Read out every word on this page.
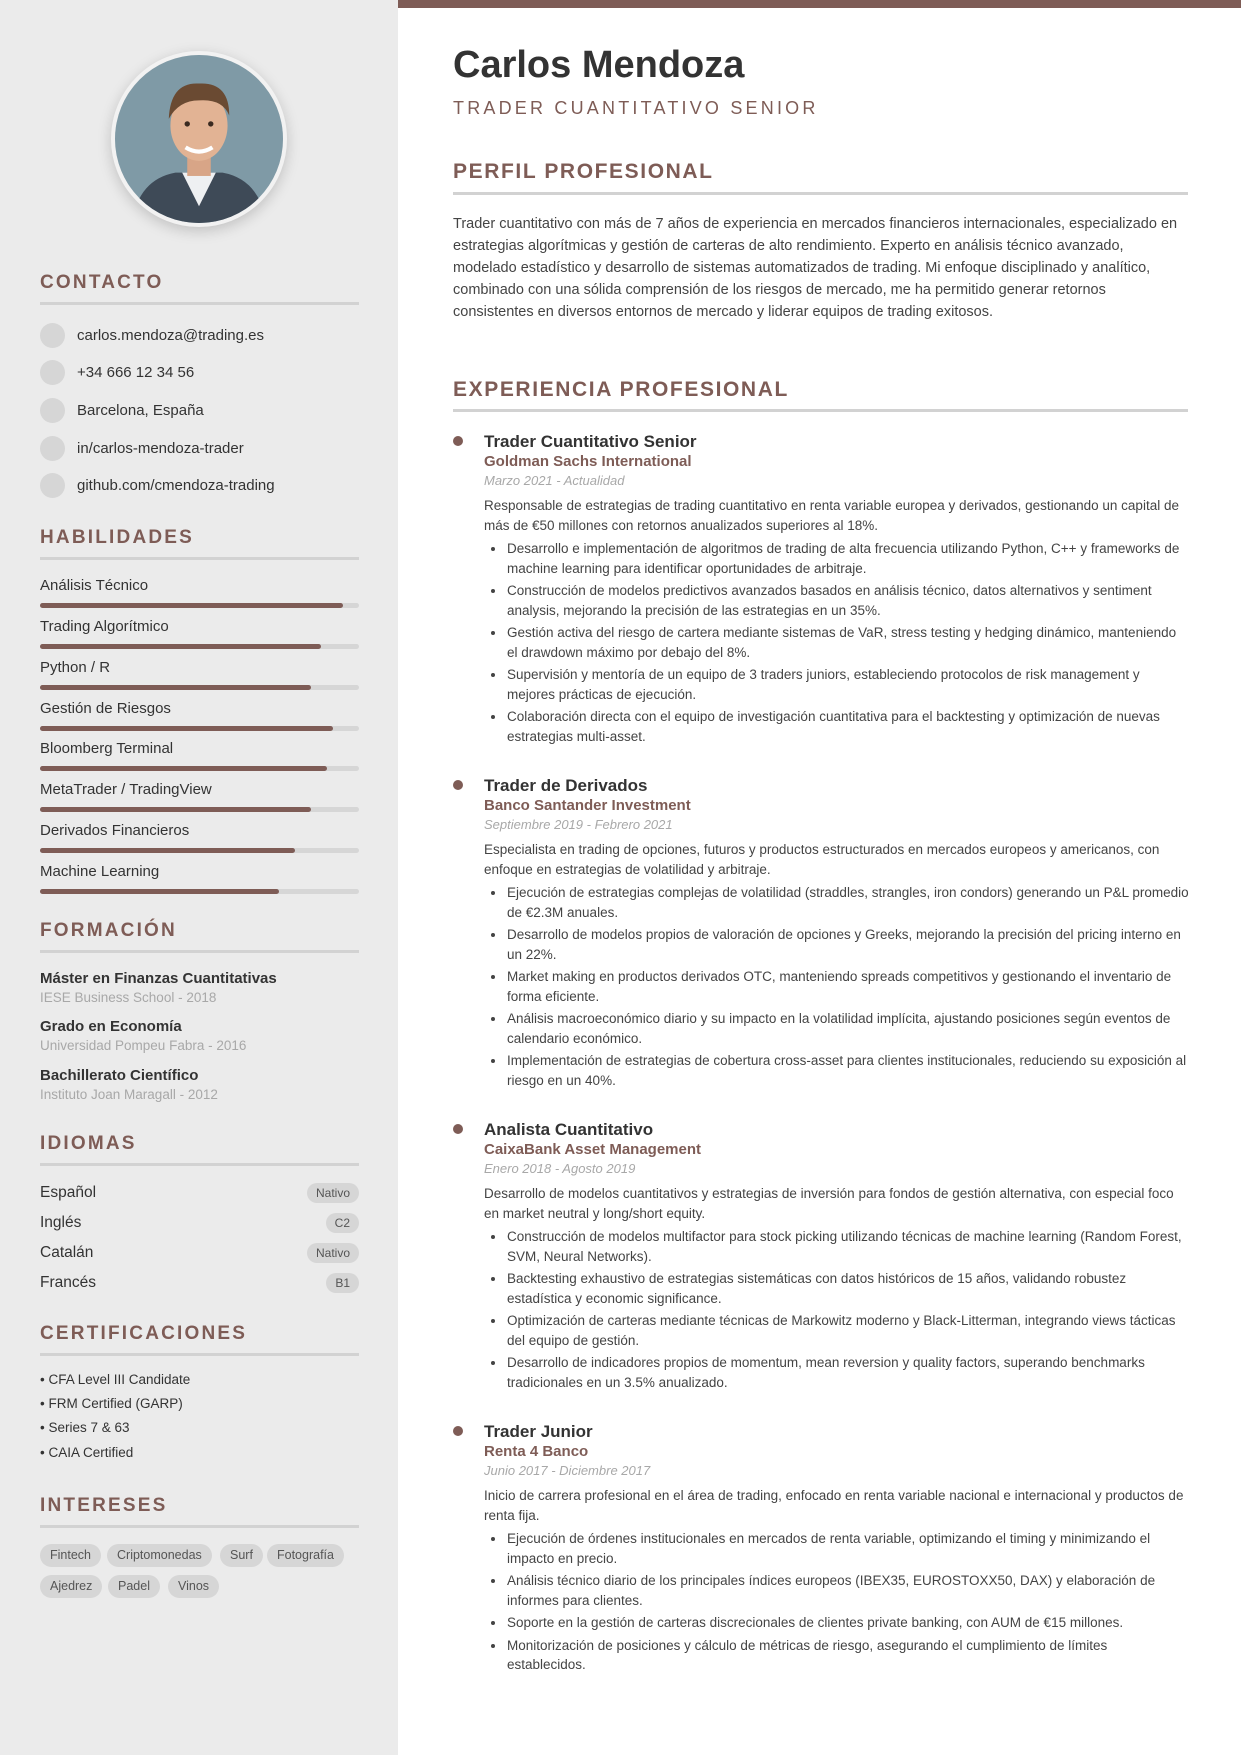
CONTACTO
carlos.mendoza@trading.es
+34 666 12 34 56
Barcelona, España
in/carlos-mendoza-trader
github.com/cmendoza-trading
HABILIDADES
Análisis Técnico
Trading Algorítmico
Python / R
Gestión de Riesgos
Bloomberg Terminal
MetaTrader / TradingView
Derivados Financieros
Machine Learning
FORMACIÓN
Máster en Finanzas Cuantitativas
IESE Business School - 2018
Grado en Economía
Universidad Pompeu Fabra - 2016
Bachillerato Científico
Instituto Joan Maragall - 2012
IDIOMAS
Español	Nativo
Inglés	C2
Catalán	Nativo
Francés	B1
CERTIFICACIONES
• CFA Level III Candidate
• FRM Certified (GARP)
• Series 7 & 63
• CAIA Certified
INTERESES
Fintech	Criptomonedas	Surf	Fotografía
Ajedrez	Padel	Vinos
Carlos Mendoza
TRADER CUANTITATIVO SENIOR
PERFIL PROFESIONAL
Trader cuantitativo con más de 7 años de experiencia en mercados financieros internacionales, especializado en estrategias algorítmicas y gestión de carteras de alto rendimiento. Experto en análisis técnico avanzado, modelado estadístico y desarrollo de sistemas automatizados de trading. Mi enfoque disciplinado y analítico, combinado con una sólida comprensión de los riesgos de mercado, me ha permitido generar retornos consistentes en diversos entornos de mercado y liderar equipos de trading exitosos.
EXPERIENCIA PROFESIONAL
Trader Cuantitativo Senior
Goldman Sachs International
Marzo 2021 - Actualidad
Responsable de estrategias de trading cuantitativo en renta variable europea y derivados, gestionando un capital de más de €50 millones con retornos anualizados superiores al 18%.
Desarrollo e implementación de algoritmos de trading de alta frecuencia utilizando Python, C++ y frameworks de machine learning para identificar oportunidades de arbitraje.
Construcción de modelos predictivos avanzados basados en análisis técnico, datos alternativos y sentiment analysis, mejorando la precisión de las estrategias en un 35%.
Gestión activa del riesgo de cartera mediante sistemas de VaR, stress testing y hedging dinámico, manteniendo el drawdown máximo por debajo del 8%.
Supervisión y mentoría de un equipo de 3 traders juniors, estableciendo protocolos de risk management y mejores prácticas de ejecución.
Colaboración directa con el equipo de investigación cuantitativa para el backtesting y optimización de nuevas estrategias multi-asset.
Trader de Derivados
Banco Santander Investment
Septiembre 2019 - Febrero 2021
Especialista en trading de opciones, futuros y productos estructurados en mercados europeos y americanos, con enfoque en estrategias de volatilidad y arbitraje.
Ejecución de estrategias complejas de volatilidad (straddles, strangles, iron condors) generando un P&L promedio de €2.3M anuales.
Desarrollo de modelos propios de valoración de opciones y Greeks, mejorando la precisión del pricing interno en un 22%.
Market making en productos derivados OTC, manteniendo spreads competitivos y gestionando el inventario de forma eficiente.
Análisis macroeconómico diario y su impacto en la volatilidad implícita, ajustando posiciones según eventos de calendario económico.
Implementación de estrategias de cobertura cross-asset para clientes institucionales, reduciendo su exposición al riesgo en un 40%.
Analista Cuantitativo
CaixaBank Asset Management
Enero 2018 - Agosto 2019
Desarrollo de modelos cuantitativos y estrategias de inversión para fondos de gestión alternativa, con especial foco en market neutral y long/short equity.
Construcción de modelos multifactor para stock picking utilizando técnicas de machine learning (Random Forest, SVM, Neural Networks).
Backtesting exhaustivo de estrategias sistemáticas con datos históricos de 15 años, validando robustez estadística y economic significance.
Optimización de carteras mediante técnicas de Markowitz moderno y Black-Litterman, integrando views tácticas del equipo de gestión.
Desarrollo de indicadores propios de momentum, mean reversion y quality factors, superando benchmarks tradicionales en un 3.5% anualizado.
Trader Junior
Renta 4 Banco
Junio 2017 - Diciembre 2017
Inicio de carrera profesional en el área de trading, enfocado en renta variable nacional e internacional y productos de renta fija.
Ejecución de órdenes institucionales en mercados de renta variable, optimizando el timing y minimizando el impacto en precio.
Análisis técnico diario de los principales índices europeos (IBEX35, EUROSTOXX50, DAX) y elaboración de informes para clientes.
Soporte en la gestión de carteras discrecionales de clientes private banking, con AUM de €15 millones.
Monitorización de posiciones y cálculo de métricas de riesgo, asegurando el cumplimiento de límites establecidos.
